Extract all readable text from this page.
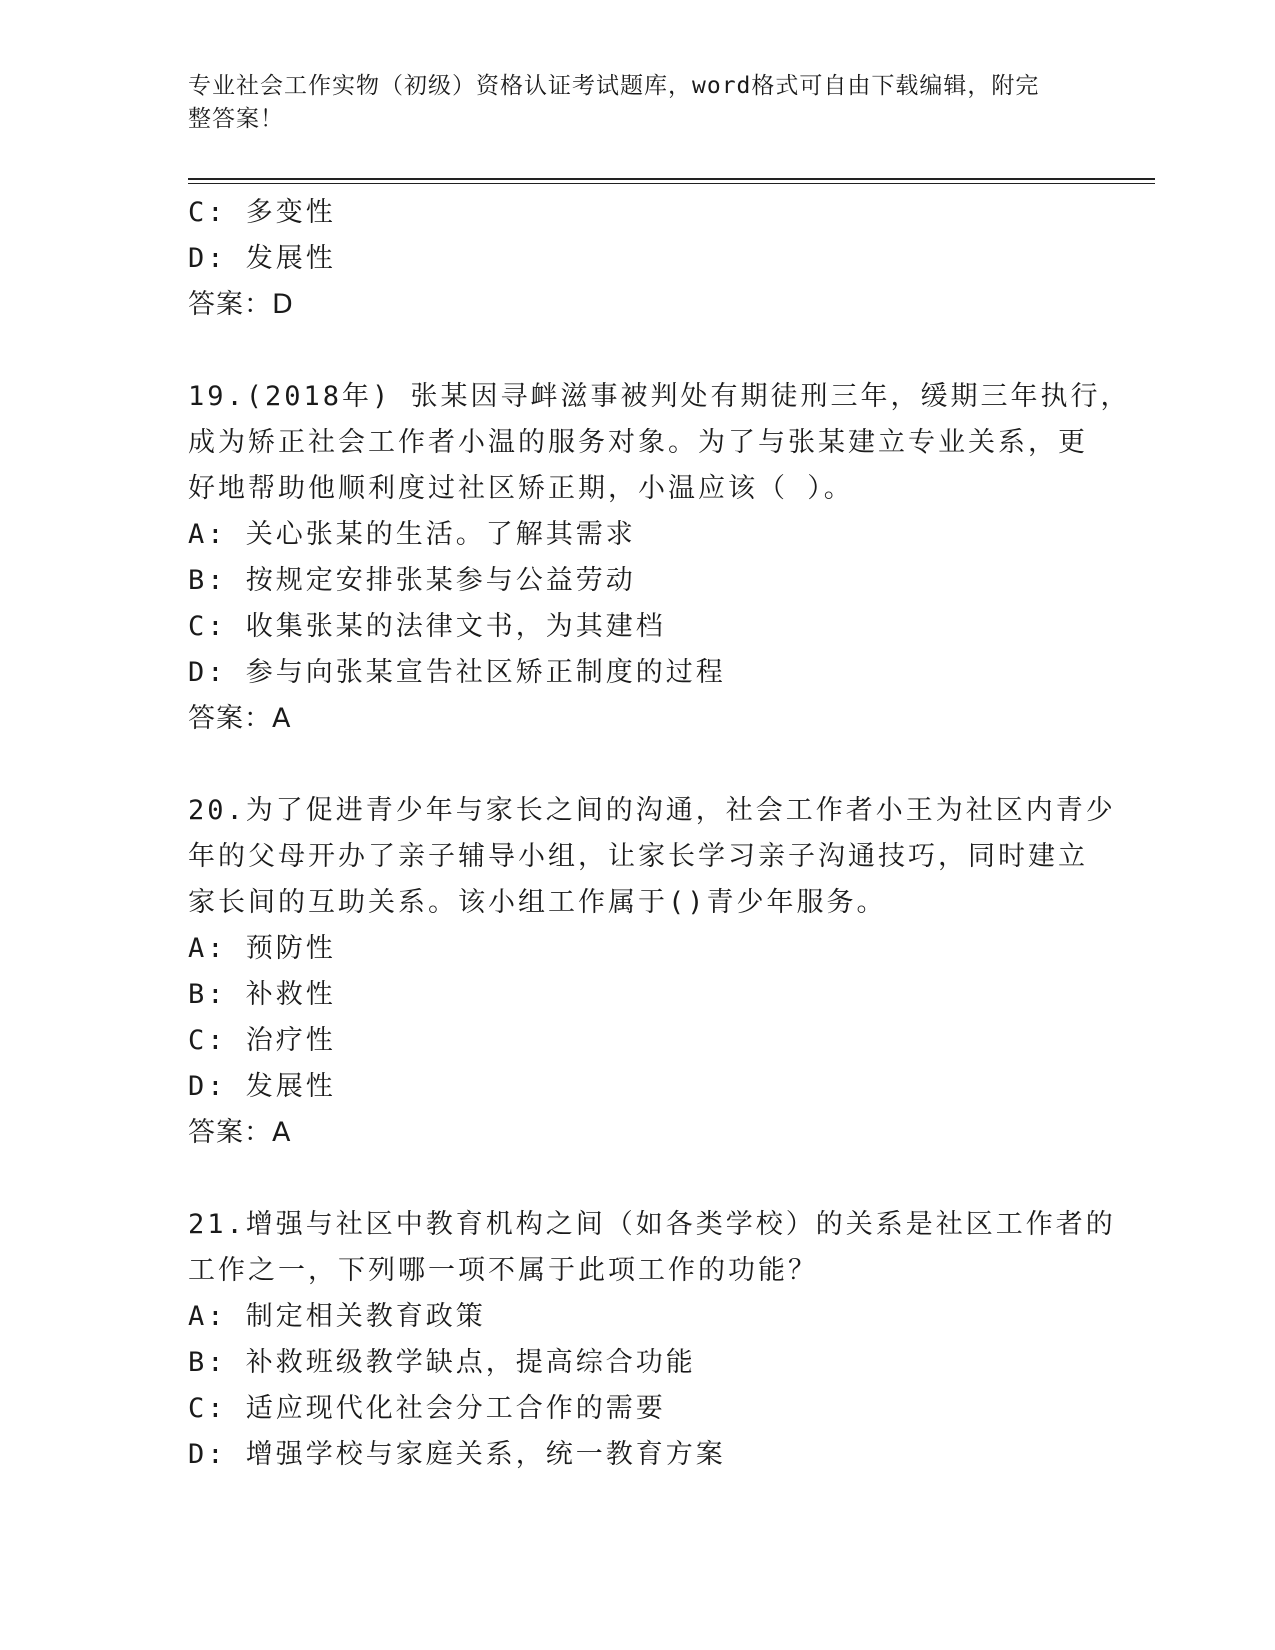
专业社会工作实物（初级）资格认证考试题库，word格式可自由下载编辑，附完
整答案！
C: 多变性
D: 发展性
答案：D
19.(2018年) 张某因寻衅滋事被判处有期徒刑三年，缓期三年执行，
成为矫正社会工作者小温的服务对象。为了与张某建立专业关系，更
好地帮助他顺利度过社区矫正期，小温应该（ ）。
A: 关心张某的生活。了解其需求
B: 按规定安排张某参与公益劳动
C: 收集张某的法律文书，为其建档
D: 参与向张某宣告社区矫正制度的过程
答案：A
20.为了促进青少年与家长之间的沟通，社会工作者小王为社区内青少
年的父母开办了亲子辅导小组，让家长学习亲子沟通技巧，同时建立
家长间的互助关系。该小组工作属于()青少年服务。
A: 预防性
B: 补救性
C: 治疗性
D: 发展性
答案：A
21.增强与社区中教育机构之间（如各类学校）的关系是社区工作者的
工作之一，下列哪一项不属于此项工作的功能？
A: 制定相关教育政策
B: 补救班级教学缺点，提高综合功能
C: 适应现代化社会分工合作的需要
D: 增强学校与家庭关系，统一教育方案
